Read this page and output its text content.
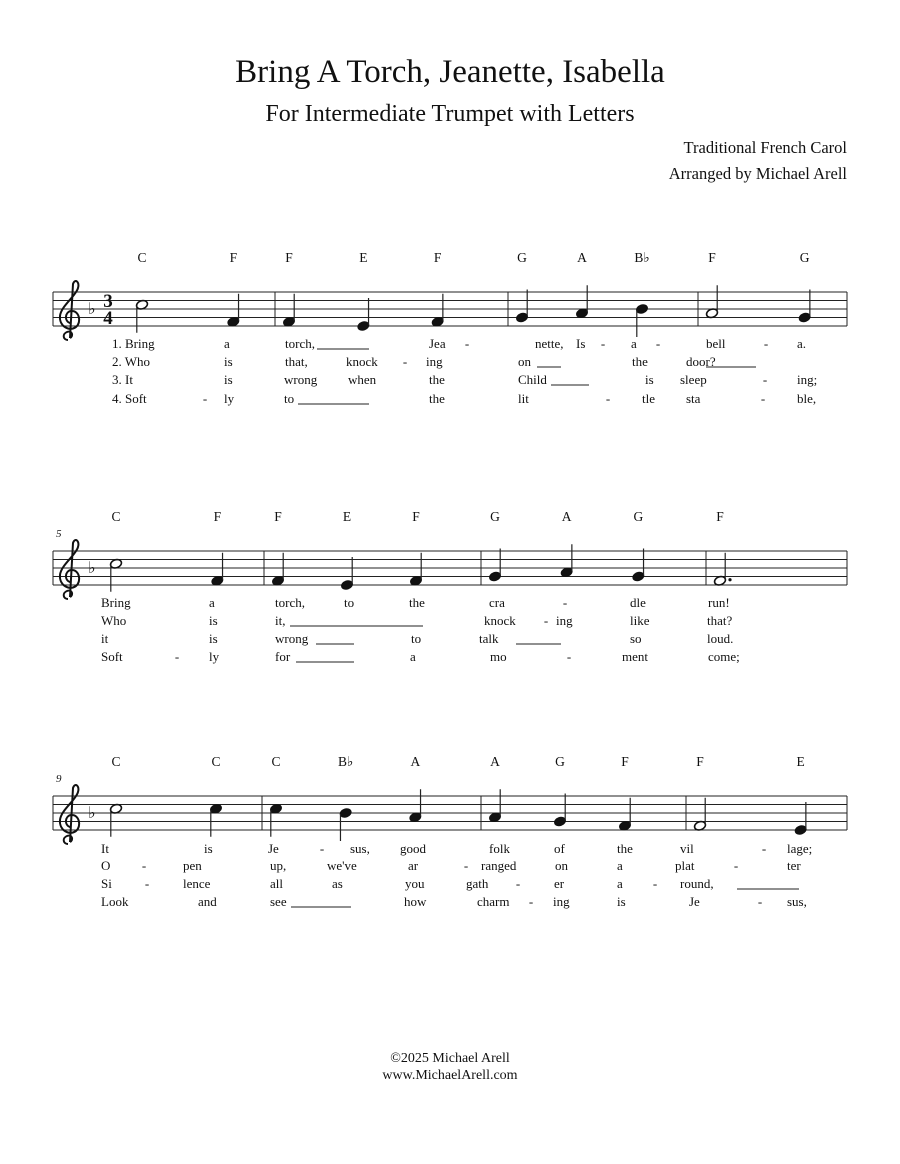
Bring A Torch, Jeanette, Isabella
For Intermediate Trumpet with Letters
Traditional French Carol
Arranged by Michael Arell
♭ 3
4
C	F	F	E	F	G	A	B♭	F	G
1. Bring	a	torch,	Jea -	nette, Is - a -	bell	- a.
2. Who	is	that,	knock - ing	on	the	door?
3. It	is	wrong when	the	Child	is sleep	- ing;
4. Soft	- ly	to	the	lit	- tle sta	- ble,
5
♭
C	F	F	E	F	G	A	G	F
Bring	a	torch,	to	the	cra	-	dle	run!
Who	is	it,	knock - ing	like	that?
it	is	wrong	to	talk	so	loud.
Soft	- ly	for	a	mo	-	ment	come;
9
♭
C	C	C	B♭	A	A	G	F	F	E
It	is	Je	- sus, good	folk	of	the	vil	- lage;
O -	pen	up,	we've	ar	- ranged	on	a	plat	-	ter
Si	-	lence	all	as	you	gath -	er	a - round,
Look	and	see	how	charm - ing	is	Je	- sus,
©2025 Michael Arell
www.MichaelArell.com
